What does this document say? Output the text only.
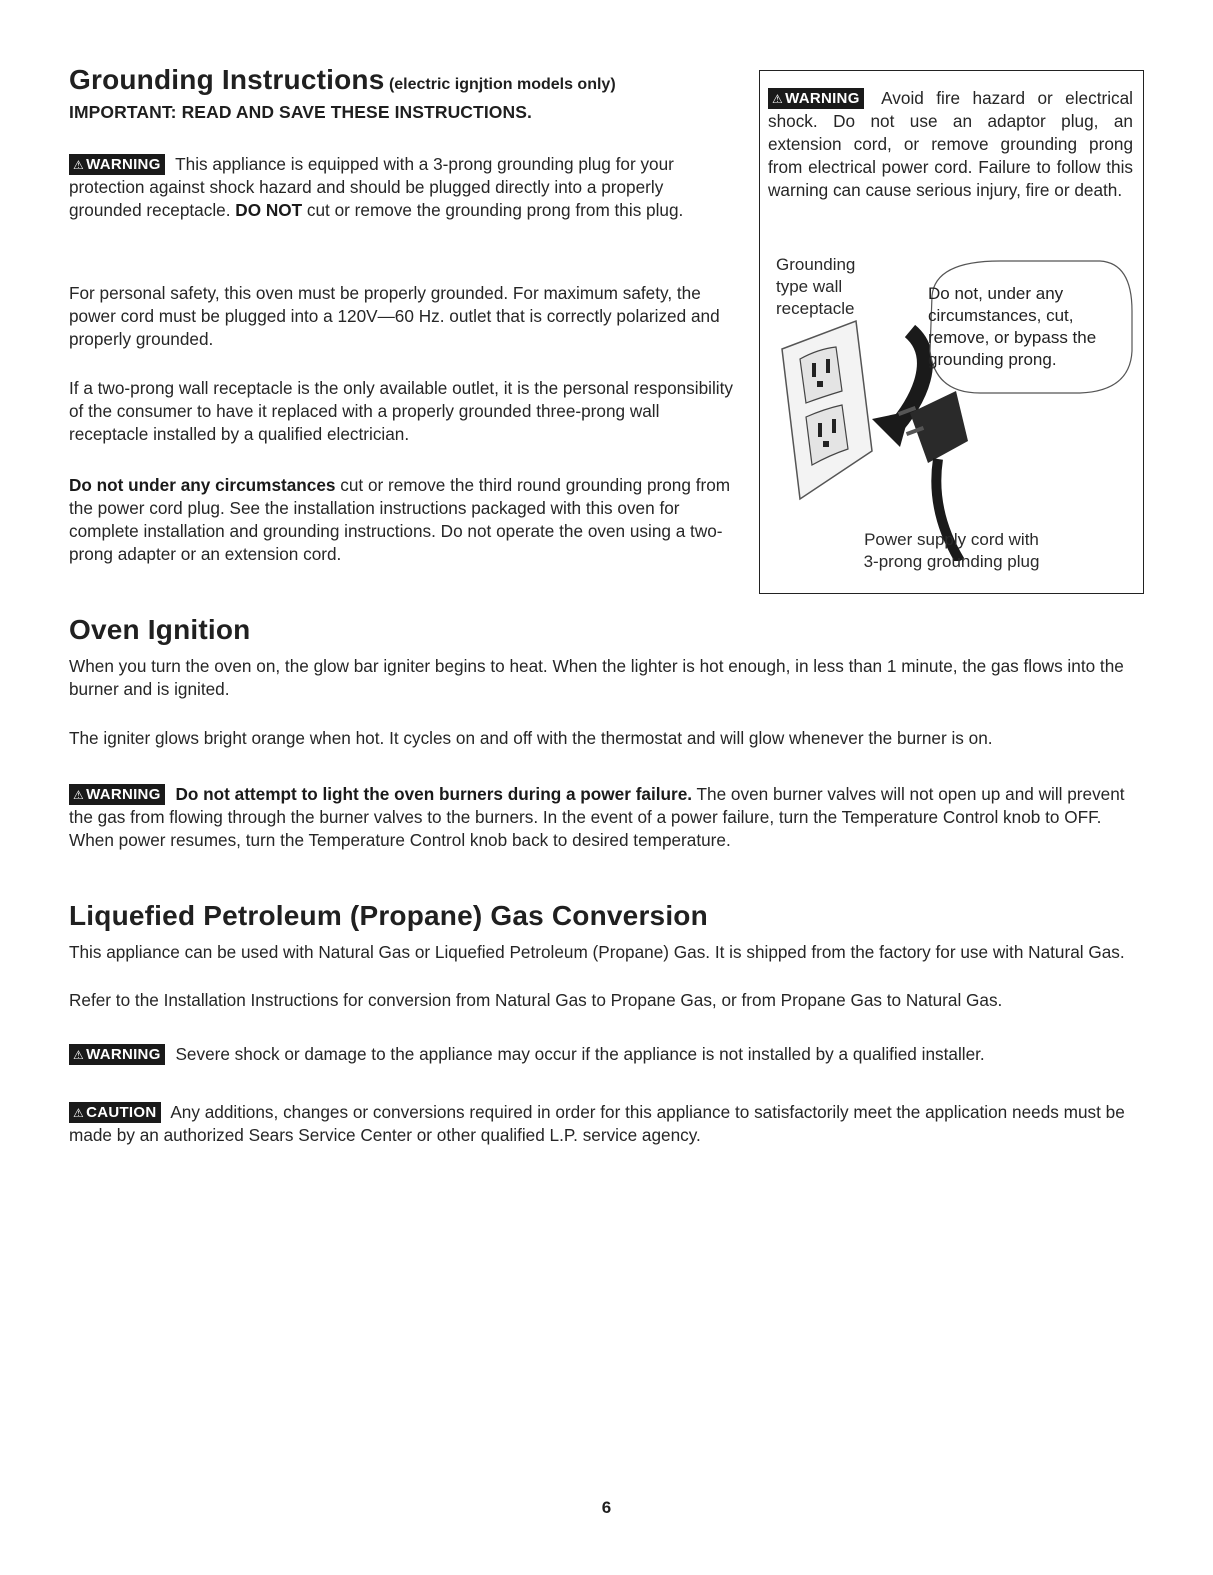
Grounding Instructions (electric ignjtion models only)
IMPORTANT: READ AND SAVE THESE INSTRUCTIONS.
⚠ WARNING This appliance is equipped with a 3-prong grounding plug for your protection against shock hazard and should be plugged directly into a properly grounded receptacle. DO NOT cut or remove the grounding prong from this plug.
For personal safety, this oven must be properly grounded. For maximum safety, the power cord must be plugged into a 120V—60 Hz. outlet that is correctly polarized and properly grounded.
If a two-prong wall receptacle is the only available outlet, it is the personal responsibility of the consumer to have it replaced with a properly grounded three-prong wall receptacle installed by a qualified electrician.
Do not under any circumstances cut or remove the third round grounding prong from the power cord plug. See the installation instructions packaged with this oven for complete installation and grounding instructions. Do not operate the oven using a two-prong adapter or an extension cord.
⚠ WARNING Avoid fire hazard or electrical shock. Do not use an adaptor plug, an extension cord, or remove grounding prong from electrical power cord. Failure to follow this warning can cause serious injury, fire or death.
Grounding type wall receptacle
Do not, under any circumstances, cut, remove, or bypass the grounding prong.
Power supply cord with
3-prong grounding plug
Oven Ignition
When you turn the oven on, the glow bar igniter begins to heat. When the lighter is hot enough, in less than 1 minute, the gas flows into the burner and is ignited.
The igniter glows bright orange when hot. It cycles on and off with the thermostat and will glow whenever the burner is on.
⚠ WARNING Do not attempt to light the oven burners during a power failure. The oven burner valves will not open up and will prevent the gas from flowing through the burner valves to the burners. In the event of a power failure, turn the Temperature Control knob to OFF. When power resumes, turn the Temperature Control knob back to desired temperature.
Liquefied Petroleum (Propane) Gas Conversion
This appliance can be used with Natural Gas or Liquefied Petroleum (Propane) Gas. It is shipped from the factory for use with Natural Gas.
Refer to the Installation Instructions for conversion from Natural Gas to Propane Gas, or from Propane Gas to Natural Gas.
⚠ WARNING Severe shock or damage to the appliance may occur if the appliance is not installed by a qualified installer.
⚠ CAUTION Any additions, changes or conversions required in order for this appliance to satisfactorily meet the application needs must be made by an authorized Sears Service Center or other qualified L.P. service agency.
6
